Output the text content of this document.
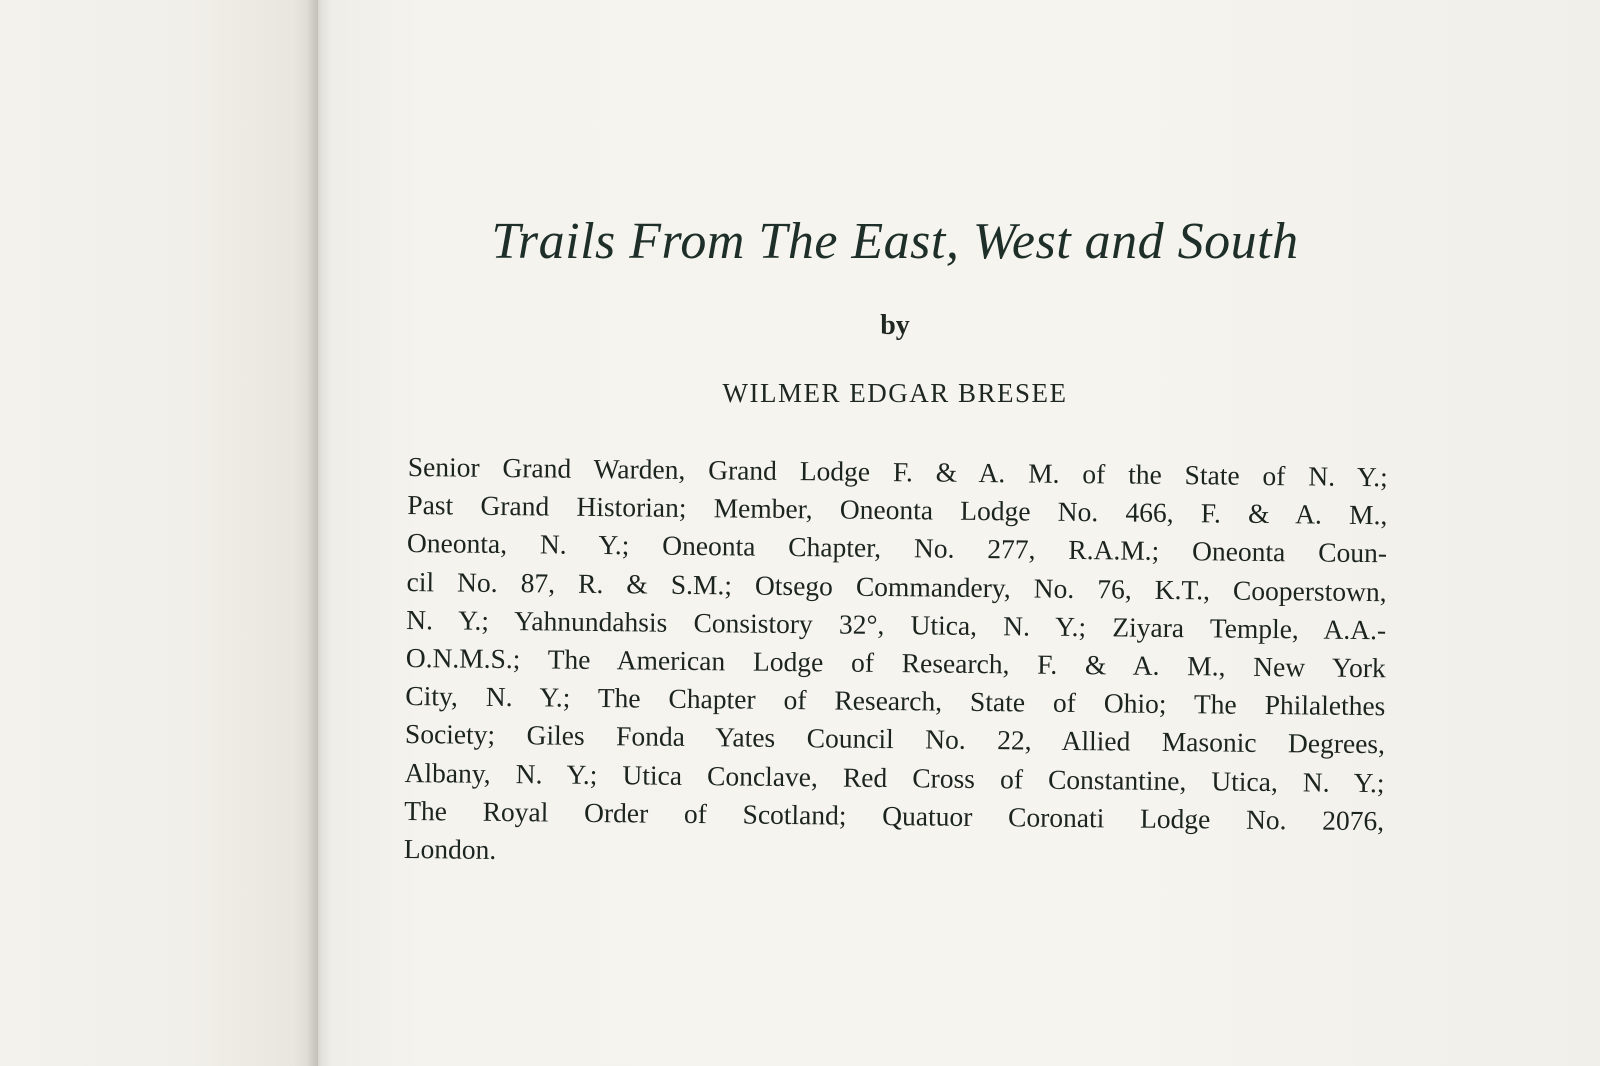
Trails From The East, West and South
by
WILMER EDGAR BRESEE
Senior Grand Warden, Grand Lodge F. & A. M. of the State of N. Y.;
Past Grand Historian; Member, Oneonta Lodge No. 466, F. & A. M.,
Oneonta, N. Y.; Oneonta Chapter, No. 277, R.A.M.; Oneonta Coun-
cil No. 87, R. & S.M.; Otsego Commandery, No. 76, K.T., Cooperstown,
N. Y.; Yahnundahsis Consistory 32°, Utica, N. Y.; Ziyara Temple, A.A.-
O.N.M.S.; The American Lodge of Research, F. & A. M., New York
City, N. Y.; The Chapter of Research, State of Ohio; The Philalethes
Society; Giles Fonda Yates Council No. 22, Allied Masonic Degrees,
Albany, N. Y.; Utica Conclave, Red Cross of Constantine, Utica, N. Y.;
The Royal Order of Scotland; Quatuor Coronati Lodge No. 2076,
London.
